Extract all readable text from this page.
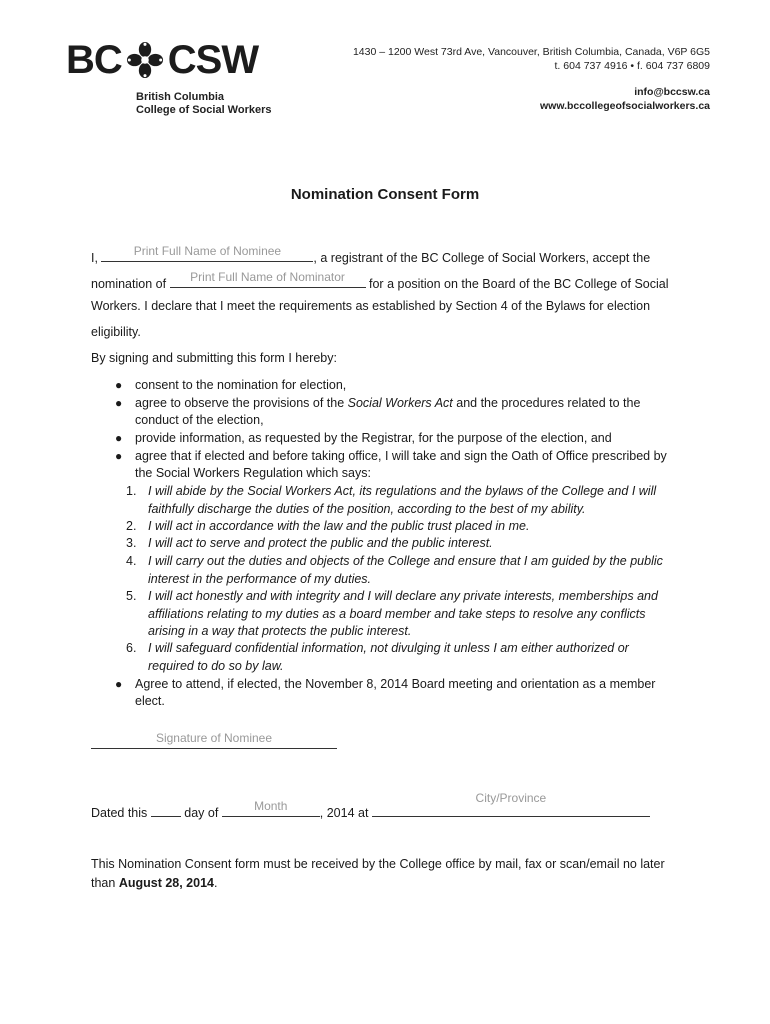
BC CSW
British Columbia
College of Social Workers
1430 – 1200 West 73rd Ave, Vancouver, British Columbia, Canada, V6P 6G5
t. 604 737 4916 • f. 604 737 6809
info@bccsw.ca
www.bccollegeofsocialworkers.ca
Nomination Consent Form
I,	Print Full Name of Nominee	, a registrant of the BC College of Social Workers, accept the
nomination of	Print Full Name of Nominator	for a position on the Board of the BC College of Social
Workers. I declare that I meet the requirements as established by Section 4 of the Bylaws for election
eligibility.
By signing and submitting this form I hereby:
● consent to the nomination for election,
● agree to observe the provisions of the Social Workers Act and the procedures related to the conduct of the election,
● provide information, as requested by the Registrar, for the purpose of the election, and
● agree that if elected and before taking office, I will take and sign the Oath of Office prescribed by the Social Workers Regulation which says:
1. I will abide by the Social Workers Act, its regulations and the bylaws of the College and I will faithfully discharge the duties of the position, according to the best of my ability.
2. I will act in accordance with the law and the public trust placed in me.
3. I will act to serve and protect the public and the public interest.
4. I will carry out the duties and objects of the College and ensure that I am guided by the public interest in the performance of my duties.
5. I will act honestly and with integrity and I will declare any private interests, memberships and affiliations relating to my duties as a board member and take steps to resolve any conflicts arising in a way that protects the public interest.
6. I will safeguard confidential information, not divulging it unless I am either authorized or required to do so by law.
● Agree to attend, if elected, the November 8, 2014 Board meeting and orientation as a member elect.
Signature of Nominee
Dated this  day of	Month	, 2014 at
City/Province
This Nomination Consent form must be received by the College office by mail, fax or scan/email no later than August 28, 2014.
